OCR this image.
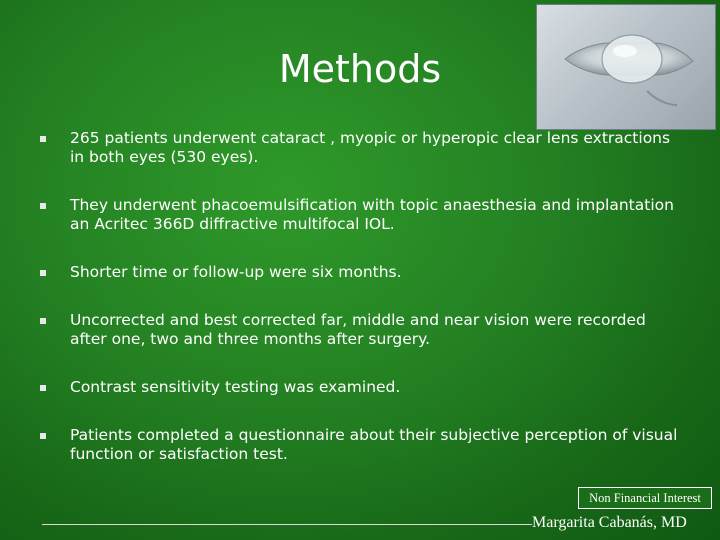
Methods
265 patients underwent cataract , myopic or hyperopic clear lens extractions in both eyes (530 eyes).
They underwent phacoemulsification with topic anaesthesia and implantation an Acritec 366D diffractive multifocal IOL.
Shorter time or follow-up were six months.
Uncorrected and best corrected far, middle and near vision were recorded after one, two and three months after surgery.
Contrast sensitivity testing was examined.
Patients completed a questionnaire about their subjective perception of visual function or satisfaction test.
Non Financial Interest
Margarita Cabanás, MD
